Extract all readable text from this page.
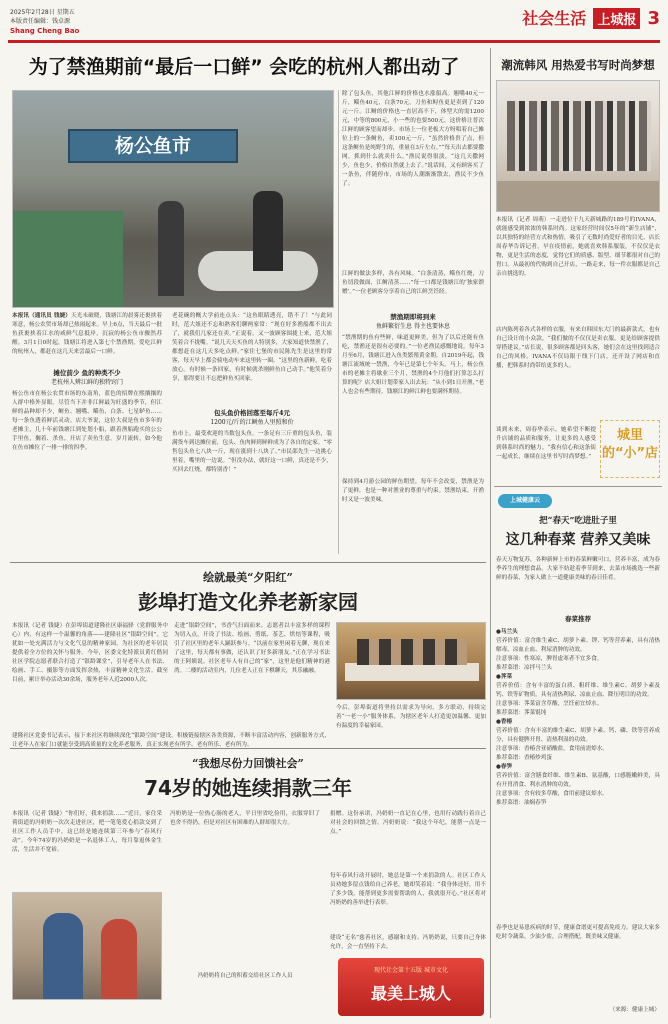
2025年2月28日 星期五
本版责任编辑：钱卓源
Shang Cheng Bao
社会生活 上城报 3
为了禁渔期前“最后一口鲜” 会吃的杭州人都出动了
杨公鱼市
本报讯（通讯员 钱婕）天光未破晓，钱塘江的晨雾还裹挟着寒意，杨公农贸市场却已热闹起来。早上6点，当天最后一批鱼获裹挟着江水的咸鲜气息抵岸，沉寂的杨公鱼市骤然苏醒。3月1日0时起，钱塘江将进入第七个禁渔期，爱吃江鲜的杭州人，都赶在这几天来尝最后一口鲜。
摊位前少 鱼的种类不少
老杭州人辨江鲜的独特窍门
杨公鱼市在杨公农贸市场的东南角，蓝色的招牌在熙攘攘的人群中格外显眼。尽管当下并非江鲜最为旺盛的季节，但江鲜的品种却不少，鲥鱼、翘嘴、鲻鱼、白条、七星鲈鱼……每一条鱼透着鲜活灵动。店大爷说，这位大叔是鱼市多年的老摊主，几十年前钱塘江到处划小船，跟着渔船跑买的公公手里鱼，搁着、杀鱼，开店了卖鱼生意。岁月流转，如今他在鱼市摊位了一排一排的四季。
老花碗的概大学前连点头：“这鱼眼睛透亮，错不了！”与此同时，范大姐还不忘和熟客们聊两家常：“现在好多渔船都不出去了，就我们几家还在卖。”正说着，又一波顾客围拢上来，范大姐笑着合不拢嘴。“说几天天买鱼的人特别多，大家知道快禁渔了，都想赶在这几天多吃点鲜。”家住七堡的市民陈先生是这里的常客，每天早上都会骑电动车来这里转一圈。“这里的鱼新鲜，吃着放心。有时候一条回家，有时候就杀刚鲜鱼自己动手。”他笑着分享，那得要让不忘把鲜鱼买回家。
包头鱼价格回落至每斤4元
1200元/斤的江鲥鱼人里照和价
鱼市上，最受欢迎的当数包头鱼。一条足有三斤重的包头鱼，装满货车到达摊位前，包头、鱼肉鲜到鲜鲜成为了各自的定家。“零售包头鱼七八块一斤，现在涨到十八块了。”市民邵先生一边挑心里着，嘴里的一边说。“但没办法，就好这一口鲜，真还是不少，买回去红烧，都特别香！”
除了包头鱼，其他江鲜的价格也水涨船高。翘嘴40元一斤，鲻鱼40元，白条70元，刀鱼和鲟鱼更是卖到了120元一斤。江鲥的价格也一直居高不下，体型大的需1200元，中等的800元，小一些的也要500元，这价格让普次江鲜的顾客望而却步。市场上一位老板大方呀唱着自己摊位上的一条鲥鱼，卖100元一斤，“虽然价格贵了点，但这条鲥鱼是纯野生的，重量在3斤左右。”“每天出去都要撒网，抓到什么就卖什么。”渔民说得很淡，“这几天撒网少，鱼也少，价格自然就上去了。”说话间，又有顾客买了一条鱼，伴随停市，市场的人潮渐渐散去，渔民不少鱼了。
江鲜的做法多样，各有风味。“白条清蒸，鲻鱼红烧，刀鱼切段做面，江鲥清蒸……”每一口都是钱塘江的‘独家馈赠’。”一位老顾客分享着自己的江鲜烹饪经。
禁渔期即将到来
鱼鲜繁衍生息 得主也要休息
“禁渔期的鱼有些鲜，味道更鲜美，但为了以后还能有鱼吃，禁渔还是很有必要的。”一位老渔民感慨地说。每年3月至6月，钱塘江进入鱼类繁殖黄金期。自2019年起，钱塘江流域统一禁渔，今年已是第七个年头。马上，杨公鱼市的老摊主将歇业三个月，禁渔的4个月他们打算怎么打算的呢？店大姐计划带家人出去玩：“从小到1日开渔，”老人也会有些期待。钱塘江的鲜江鲜也要满怀期待。
保持到4月游公园的鲜鱼期望，每年不会改变，禁渔是为了更鲜，也是一种对渔业的尊重与约束。禁渔结束，开渔时又是一波美味。
潮流韩风 用热爱书写时尚梦想
本报讯（记者 周萌）一走进位于九天新城路的189号的IVANA，就能感受到浓浓的韩系时尚。这家经营时间仅5年的“新生店铺”，以其独特的经营方式和热情，吸引了无数时尚爱好者的目光。店长周春华告诉记者，早在疫情前，她就喜欢韩系服装，不仅仅是衣物，更是生活的态度，觉得它们的质感、版型、细节都很对自己的胃口。从最初的代购到自己开店，一路走来，每一件衣服都是自己亲自挑选的。
店内陈列着各式各样的衣服，有来自韩国东大门的最新款式，也有自己设计的小众款。“我们做的不仅仅是卖衣服，更是给顾客提供穿搭建议。”店长说，很多顾客都是回头客，她们会在这里找到适合自己的风格。IVANA不仅局限于线下门店，还开设了网店和直播，把韩系时尚带给更多的人。
谈到未来，周春华表示，她希望不断提升店铺的品质和服务，让更多的人感受到韩系时尚的魅力。“我有信心和这条街一起成长，继续在这里书写时尚梦想。”
城里的“小”店
上城健康云
把“春天”吃进肚子里
这几种春菜 营养又美味
春天万物复苏，各种新鲜上市的春菜鲜嫩可口，营养丰富，成为春季养生的理想食品。大家不妨趁着季节到来，去菜市场挑选一些新鲜的春菜，为家人做上一道健康美味的春日佳肴。
春菜推荐
●马兰头
营养价值：富含维生素C、胡萝卜素、钾、钙等营养素，具有清热解毒、凉血止血、利尿消肿的功效。
注意事项：性寒凉，脾胃虚寒者不宜多食。
推荐菜谱：凉拌马兰头
●荠菜
营养价值：含有丰富的蛋白质、粗纤维、维生素C、胡萝卜素及钙、铁等矿物质，具有清热利尿、凉血止血、降压明目的功效。
注意事项：荠菜富含草酸，烹饪前宜焯水。
推荐菜谱：荠菜馄饨
●香椿
营养价值：含有丰富的维生素C、胡萝卜素、钙、磷、铁等营养成分，具有健脾开胃、清热利湿的功效。
注意事项：香椿含亚硝酸盐，食用前需焯水。
推荐菜谱：香椿炒鸡蛋
●春笋
营养价值：富含膳食纤维、维生素B、氨基酸，口感脆嫩鲜美，具有开胃消食、利水消肿的功效。
注意事项：含有较多草酸，食用前建议焯水。
推荐菜谱：油焖春笋
春季也是易患疾病的时节，健康食谱更可提高免疫力。建议大家多吃时令蔬菜，少油少盐，合理搭配，既美味又健康。
（来源：健康上城）
绘就最美“夕阳红”
彭埠打造文化养老新家园
本报讯（记者 钱婕）在彭埠街道建隆社区康福驿（党群服务中心）内，有这样一个温馨的角落——建隆社区“银龄空间”。它犹如一处充满活力与文化气息的精神家园，为社区的老年居民提供着全方位的关怀与服务。今年，区委文化特派员黄红偕同社区学院志愿者联合打造了“银龄课堂”，引导老年人在书法、绘画、手工、摄影等方面发挥余热，丰富精神文化生活。截至目前，累计举办活动30余场，服务老年人近2000人次。
走进“银龄空间”，书香气扫面而来。志愿者以丰富多样的课程为切入点，开设了书法、绘画、剪纸、茶艺、烘焙等课程，吸引了社区里的老年人踊跃参与。“以前在家里闲着无聊，现在来了这里，每天都有事做，还认识了好多新朋友。”正在学习书法的王阿姨说。社区老年人有自己的“家”，这里是他们精神的港湾。二楼的活动室内，几位老人正在下棋聊天，其乐融融。
今后，彭埠街道将坚持以需求为导向，多方联动，持续完善“一老一小”服务体系，为辖区老年人打造更加温馨、更加有温度的幸福家园。
建隆社区党委书记表示，接下来社区将继续深化“银龄空间”建设，积极链接辖区各类资源，不断丰富活动内容，创新服务方式，让老年人在家门口就能享受到高质量的文化养老服务，真正实现老有所学、老有所乐、老有所为。
“我想尽份力回馈社会”
74岁的她连续捐款三年
本报讯（记者 钱婕）“你们好，我来捐款……”近日，家住采荷街道的冯奶奶一次次走进社区，把一笔笔爱心捐款交到了社区工作人员手中，这已经是她连续第三年参与“春风行动”。今年74岁的冯奶奶是一名退休工人，每月靠退休金生活，生活并不宽裕。
冯奶奶是一位热心肠的老人，平日里省吃俭用，衣服穿旧了也舍不得扔，但是对社区有困难的人群却很大方。
冯奶奶将自己的积蓄交给社区工作人员
捐赠。这份承诺，冯奶奶一直记在心里，也用行动践行着自己对社会的回馈之情。冯奶奶说：“我这个年纪，能帮一点是一点。”
每年春风行动开展时，她总是第一个来捐款的人。社区工作人员劝她多留点钱给自己养老，她却笑着说：“我身体还好，用不了多少钱，能帮到更多需要帮助的人，我就很开心。”社区将对冯奶奶的善举进行表彰。
建设“无名”慈善社区，感谢和支持。冯奶奶说，只要自己身体允许，会一直坚持下去。
现代社会第十五版 城市文化
最美上城人
